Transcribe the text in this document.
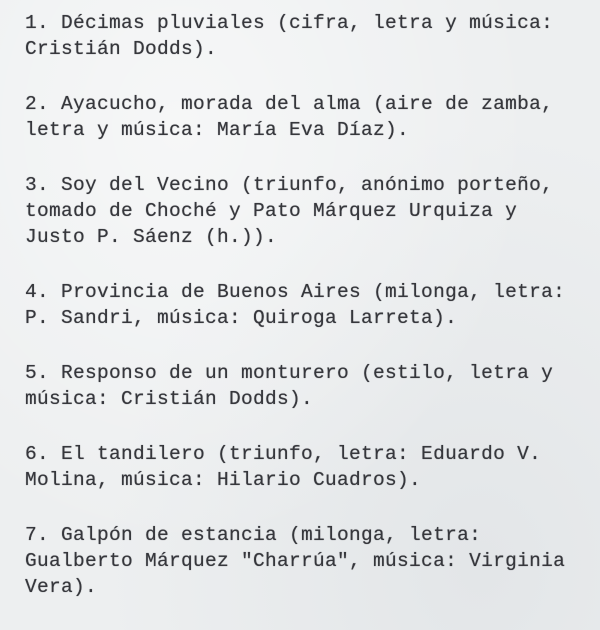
1. Décimas pluviales (cifra, letra y música:
Cristián Dodds).
2. Ayacucho, morada del alma (aire de zamba,
letra y música: María Eva Díaz).
3. Soy del Vecino (triunfo, anónimo porteño,
tomado de Choché y Pato Márquez Urquiza y
Justo P. Sáenz (h.)).
4. Provincia de Buenos Aires (milonga, letra:
P. Sandri, música: Quiroga Larreta).
5. Responso de un monturero (estilo, letra y
música: Cristián Dodds).
6. El tandilero (triunfo, letra: Eduardo V.
Molina, música: Hilario Cuadros).
7. Galpón de estancia (milonga, letra:
Gualberto Márquez "Charrúa", música: Virginia
Vera).
